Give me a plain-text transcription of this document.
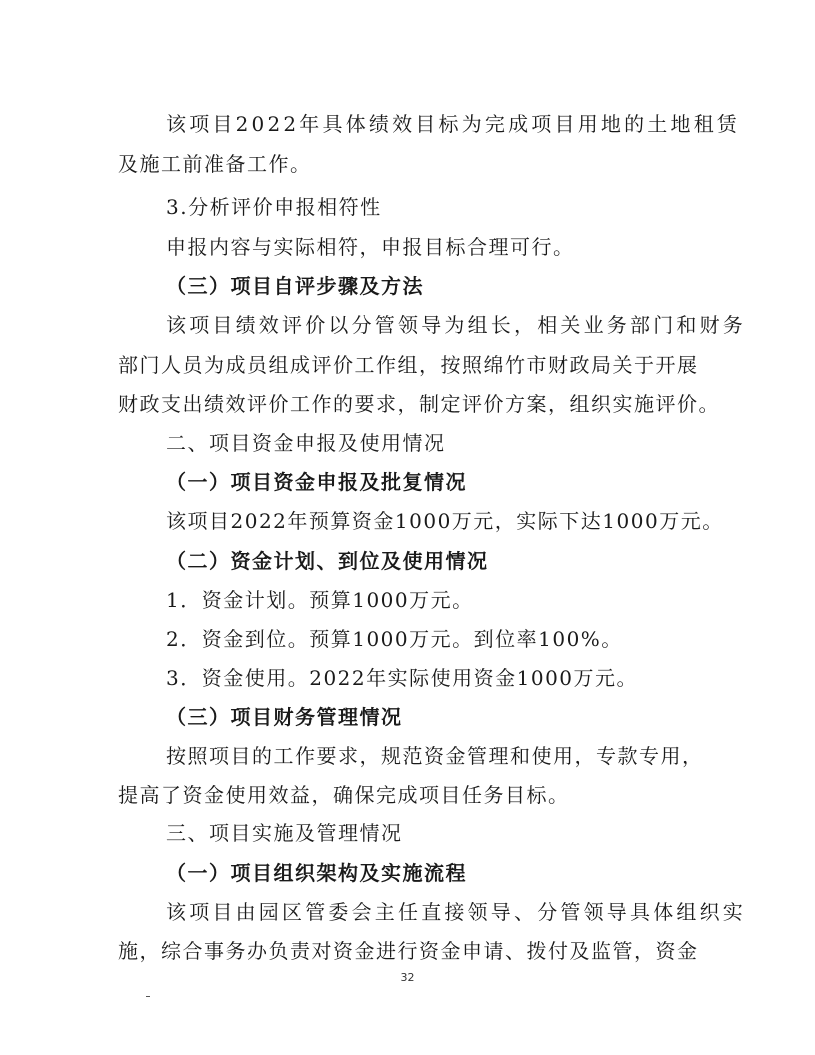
该项目2022年具体绩效目标为完成项目用地的土地租赁
及施工前准备工作。
3.分析评价申报相符性
申报内容与实际相符，申报目标合理可行。
（三）项目自评步骤及方法
该项目绩效评价以分管领导为组长，相关业务部门和财务
部门人员为成员组成评价工作组，按照绵竹市财政局关于开展
财政支出绩效评价工作的要求，制定评价方案，组织实施评价。
二、项目资金申报及使用情况
（一）项目资金申报及批复情况
该项目2022年预算资金1000万元，实际下达1000万元。
（二）资金计划、到位及使用情况
1．资金计划。预算1000万元。
2．资金到位。预算1000万元。到位率100%。
3．资金使用。2022年实际使用资金1000万元。
（三）项目财务管理情况
按照项目的工作要求，规范资金管理和使用，专款专用，
提高了资金使用效益，确保完成项目任务目标。
三、项目实施及管理情况
（一）项目组织架构及实施流程
该项目由园区管委会主任直接领导、分管领导具体组织实
施，综合事务办负责对资金进行资金申请、拨付及监管，资金
32
